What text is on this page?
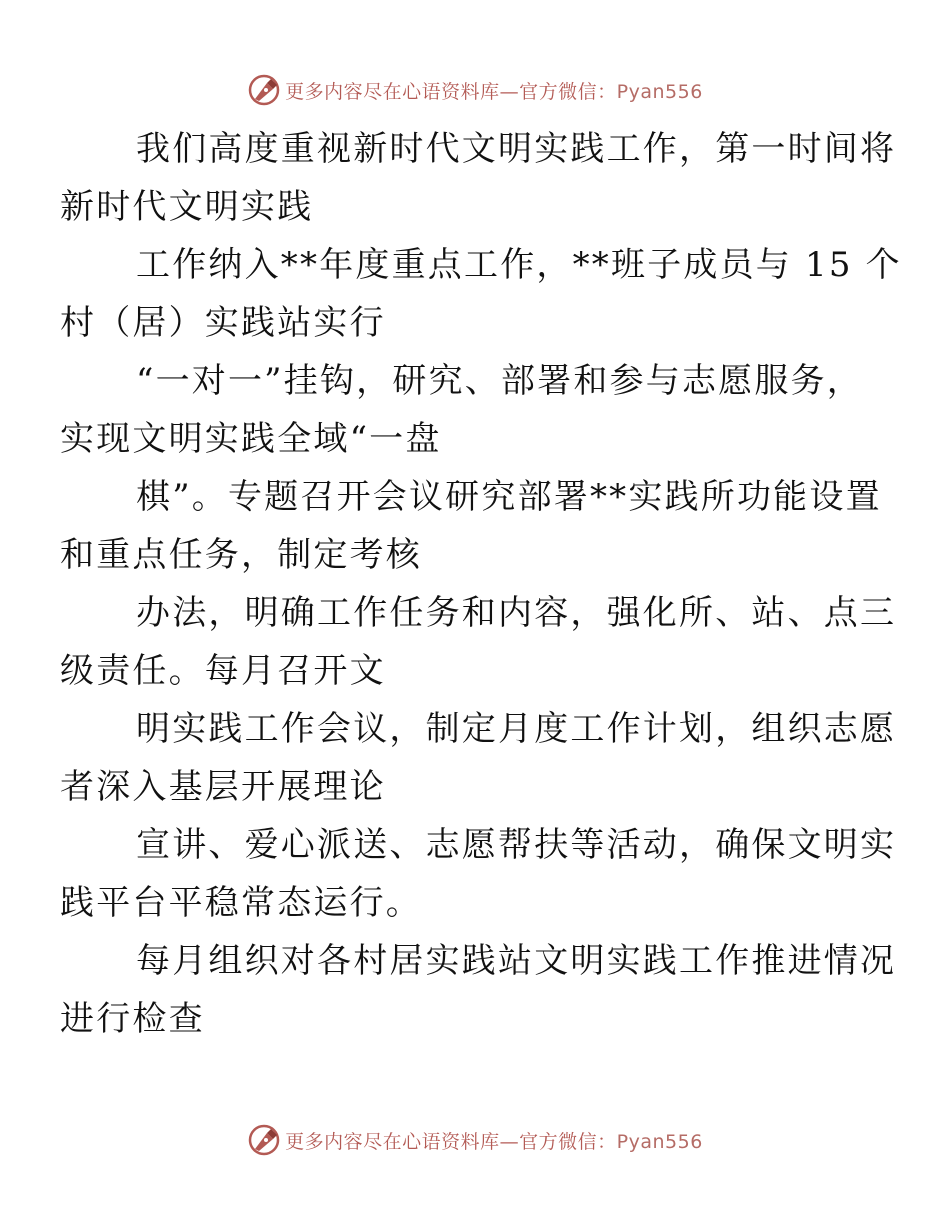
更多内容尽在心语资料库—官方微信：Pyan556

我们高度重视新时代文明实践工作，第一时间将
新时代文明实践

工作纳入**年度重点工作，**班子成员与 15 个
村（居）实践站实行

“一对一”挂钩，研究、部署和参与志愿服务，
实现文明实践全域“一盘

棋”。专题召开会议研究部署**实践所功能设置
和重点任务，制定考核

办法，明确工作任务和内容，强化所、站、点三
级责任。每月召开文

明实践工作会议，制定月度工作计划，组织志愿
者深入基层开展理论

宣讲、爱心派送、志愿帮扶等活动，确保文明实
践平台平稳常态运行。

每月组织对各村居实践站文明实践工作推进情况
进行检查

更多内容尽在心语资料库—官方微信：Pyan556
